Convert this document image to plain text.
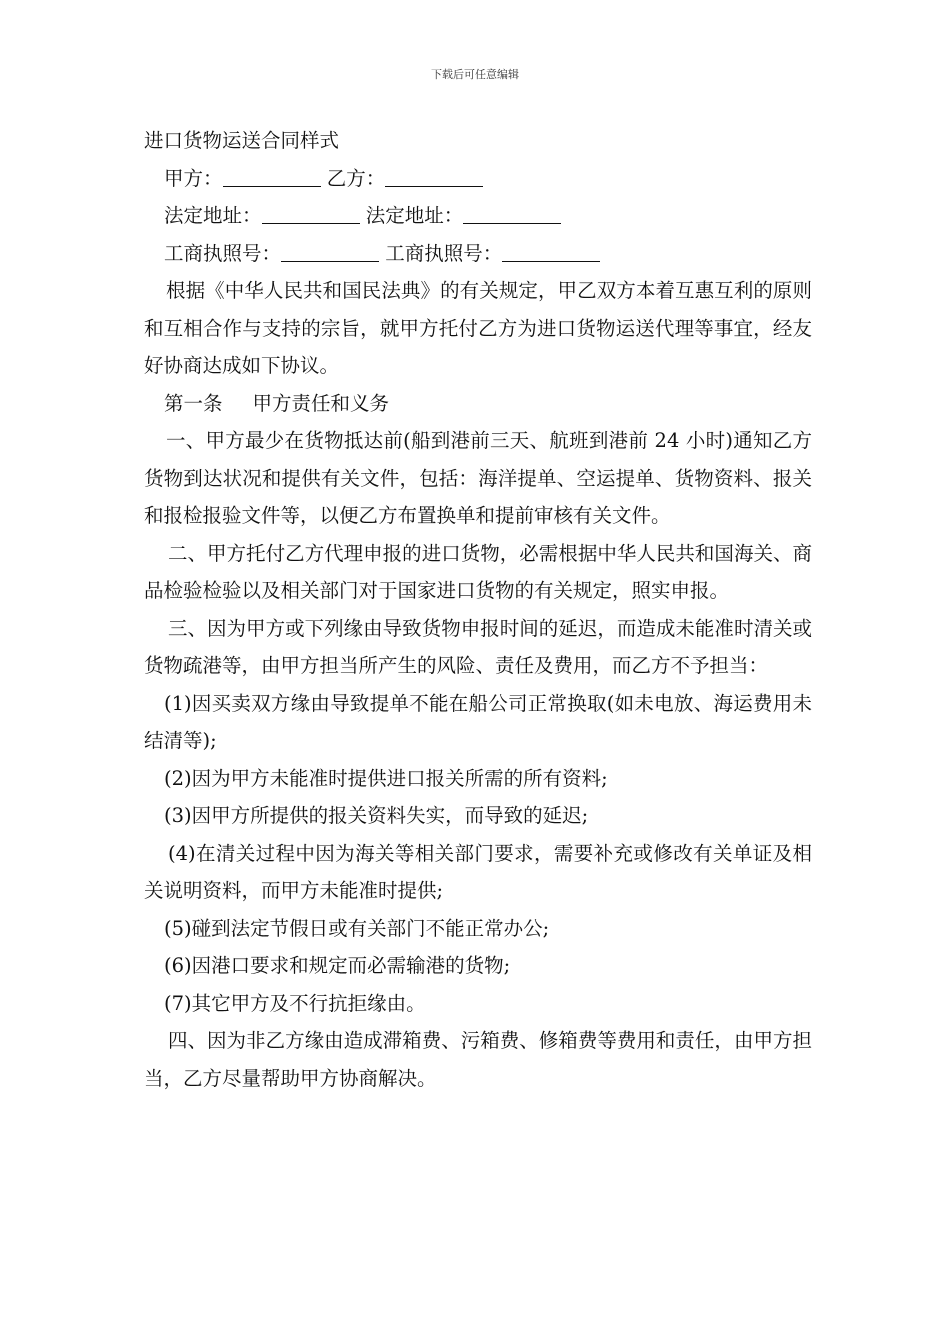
下载后可任意编辑

进口货物运送合同样式

甲方：	乙方：

法定地址：	法定地址：

工商执照号：	工商执照号：

根据《中华人民共和国民法典》的有关规定，甲乙双方本着互惠互利的原则和互相合作与支持的宗旨，就甲方托付乙方为进口货物运送代理等事宜，经友好协商达成如下协议。

第一条 甲方责任和义务

一、甲方最少在货物抵达前(船到港前三天、航班到港前 24 小时)通知乙方货物到达状况和提供有关文件，包括：海洋提单、空运提单、货物资料、报关和报检报验文件等，以便乙方布置换单和提前审核有关文件。

二、甲方托付乙方代理申报的进口货物，必需根据中华人民共和国海关、商品检验检验以及相关部门对于国家进口货物的有关规定，照实申报。

三、因为甲方或下列缘由导致货物申报时间的延迟，而造成未能准时清关或货物疏港等，由甲方担当所产生的风险、责任及费用，而乙方不予担当：

(1)因买卖双方缘由导致提单不能在船公司正常换取(如未电放、海运费用未结清等);

(2)因为甲方未能准时提供进口报关所需的所有资料;

(3)因甲方所提供的报关资料失实，而导致的延迟;

(4)在清关过程中因为海关等相关部门要求，需要补充或修改有关单证及相关说明资料，而甲方未能准时提供;

(5)碰到法定节假日或有关部门不能正常办公;

(6)因港口要求和规定而必需输港的货物;

(7)其它甲方及不行抗拒缘由。

四、因为非乙方缘由造成滞箱费、污箱费、修箱费等费用和责任，由甲方担当，乙方尽量帮助甲方协商解决。
